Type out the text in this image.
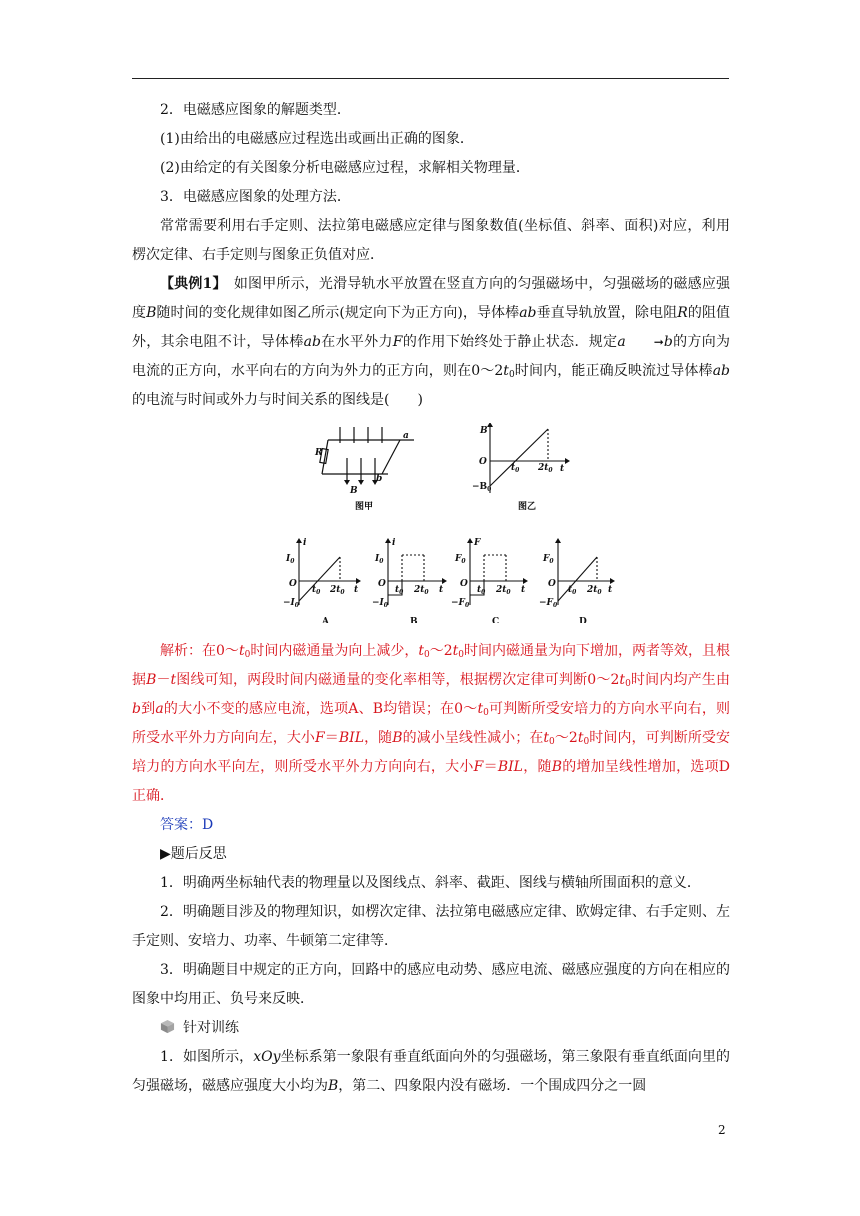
2．电磁感应图象的解题类型．

(1)由给出的电磁感应过程选出或画出正确的图象．

(2)由给定的有关图象分析电磁感应过程，求解相关物理量．

3．电磁感应图象的处理方法．

常常需要利用右手定则、法拉第电磁感应定律与图象数值(坐标值、斜率、面积)对应，利用楞次定律、右手定则与图象正负值对应．

【典例1】　 如图甲所示，光滑导轨水平放置在竖直方向的匀强磁场中，匀强磁场的磁感应强度B随时间的变化规律如图乙所示(规定向下为正方向)，导体棒ab垂直导轨放置，除电阻R的阻值外，其余电阻不计，导体棒ab在水平外力F的作用下始终处于静止状态．规定a ➞b的方向为电流的正方向，水平向右的方向为外力的正方向，则在$0\sim 2t_0$时间内，能正确反映流过导体棒ab的电流与时间或外力与时间关系的图线是(　　)

R
a
b
B
图甲
B
O
$-B_0$
$t_0$ $2t_0$ t
图乙
i
$I_0$
O
$-I_0$
$t_0$ $2t_0$ t
A
i
$I_0$
O
$-I_0$
$t_0$ $2t_0$ t
B
F
$F_0$
O
$-F_0$
$t_0$ $2t_0$ t
C
$F_0$
O
$-F_0$
$t_0$ $2t_0$ t
D

解析：在$0\sim t_0$时间内磁通量为向上减少，$t_0\sim 2t_0$时间内磁通量为向下增加，两者等效，且根据B－t图线可知，两段时间内磁通量的变化率相等，根据楞次定律可判断$0\sim 2t_0$时间内均产生由b到a的大小不变的感应电流，选项A、B均错误；在$0\sim t_0$可判断所受安培力的方向水平向右，则所受水平外力方向向左，大小F＝BIL，随B的减小呈线性减小；在$t_0\sim 2t_0$时间内，可判断所受安培力的方向水平向左，则所受水平外力方向向右，大小F＝BIL，随B的增加呈线性增加，选项D正确．

答案：D

▶题后反思

1．明确两坐标轴代表的物理量以及图线点、斜率、截距、图线与横轴所围面积的意义．

2．明确题目涉及的物理知识，如楞次定律、法拉第电磁感应定律、欧姆定律、右手定则、左手定则、安培力、功率、牛顿第二定律等．

3．明确题目中规定的正方向，回路中的感应电动势、感应电流、磁感应强度的方向在相应的图象中均用正、负号来反映．

针对训练

1．如图所示，xOy坐标系第一象限有垂直纸面向外的匀强磁场，第三象限有垂直纸面向里的匀强磁场，磁感应强度大小均为B，第二、四象限内没有磁场．一个围成四分之一圆

2
